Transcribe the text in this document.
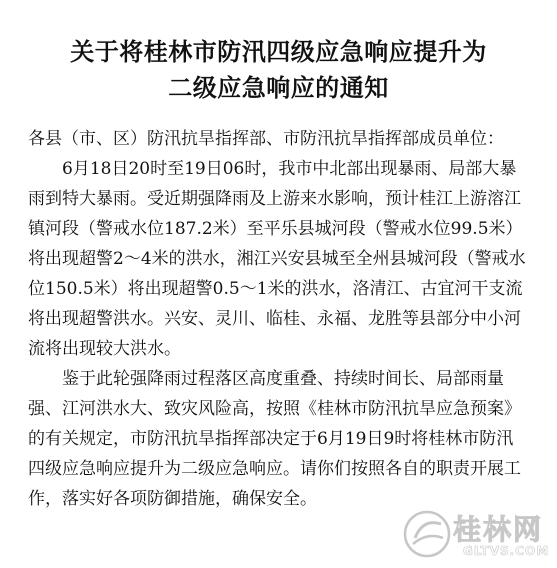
关于将桂林市防汛四级应急响应提升为
二级应急响应的通知
各县（市、区）防汛抗旱指挥部、市防汛抗旱指挥部成员单位：

6月18日20时至19日06时，我市中北部出现暴雨、局部大暴雨到特大暴雨。受近期强降雨及上游来水影响，预计桂江上游溶江镇河段（警戒水位187.2米）至平乐县城河段（警戒水位99.5米）将出现超警2～4米的洪水，湘江兴安县城至全州县城河段（警戒水位150.5米）将出现超警0.5～1米的洪水，洛清江、古宜河干支流将出现超警洪水。兴安、灵川、临桂、永福、龙胜等县部分中小河流将出现较大洪水。

鉴于此轮强降雨过程落区高度重叠、持续时间长、局部雨量强、江河洪水大、致灾风险高，按照《桂林市防汛抗旱应急预案》的有关规定，市防汛抗旱指挥部决定于6月19日9时将桂林市防汛四级应急响应提升为二级应急响应。请你们按照各自的职责开展工作，落实好各项防御措施，确保安全。

桂林网
GLTVS.COM
